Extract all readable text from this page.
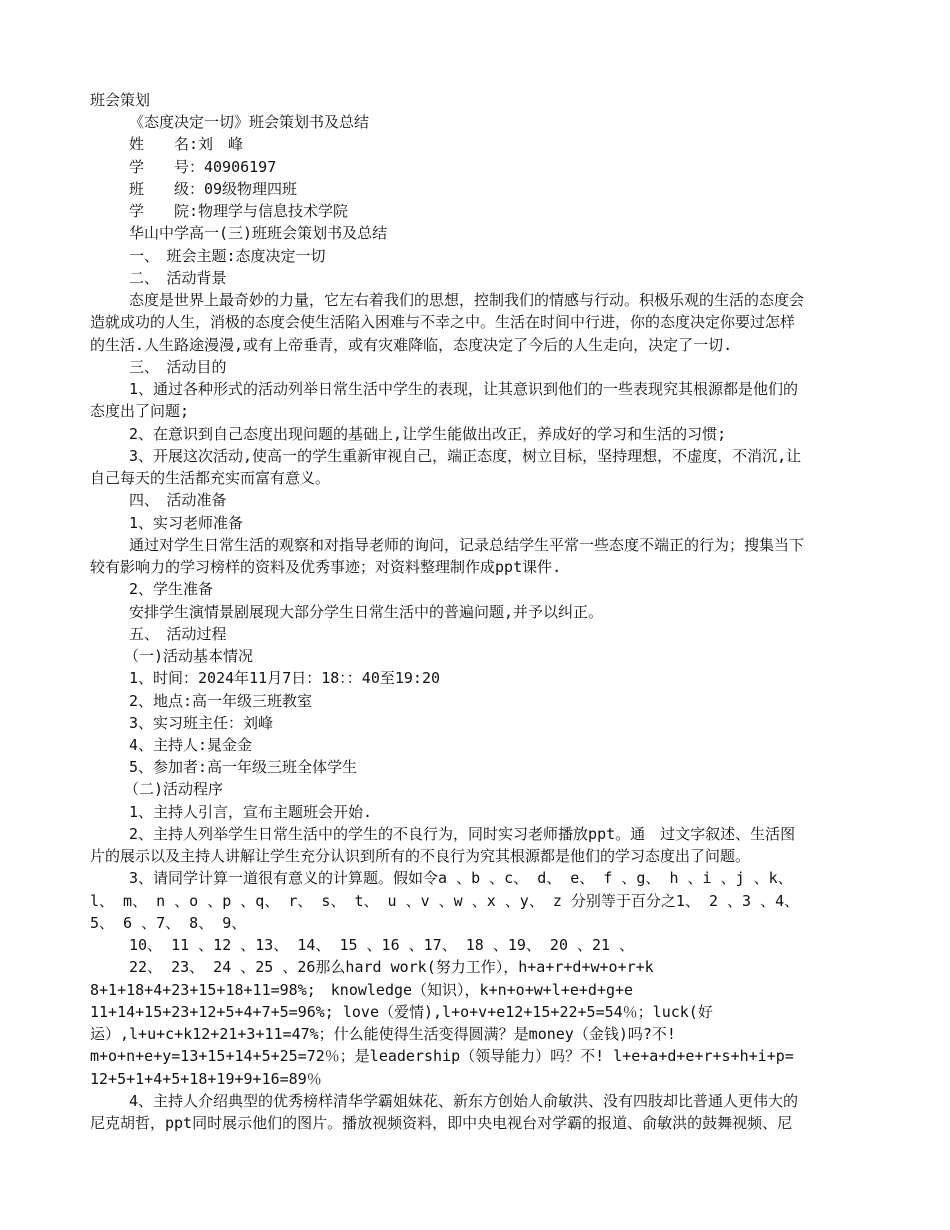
班会策划
《态度决定一切》班会策划书及总结
姓　　名:刘　峰
学　　号：40906197
班　　级：09级物理四班
学　　院:物理学与信息技术学院
华山中学高一(三)班班会策划书及总结
一、　班会主题:态度决定一切
二、　活动背景
态度是世界上最奇妙的力量，它左右着我们的思想，控制我们的情感与行动。积极乐观的生活的态度会
造就成功的人生，消极的态度会使生活陷入困难与不幸之中。生活在时间中行进，你的态度决定你要过怎样
的生活.人生路途漫漫,或有上帝垂青，或有灾难降临，态度决定了今后的人生走向，决定了一切.
三、　活动目的
1、通过各种形式的活动列举日常生活中学生的表现，让其意识到他们的一些表现究其根源都是他们的
态度出了问题;
2、在意识到自己态度出现问题的基础上,让学生能做出改正，养成好的学习和生活的习惯;
3、开展这次活动,使高一的学生重新审视自己，端正态度，树立目标，坚持理想，不虚度，不消沉,让
自己每天的生活都充实而富有意义。
四、　活动准备
1、实习老师准备
通过对学生日常生活的观察和对指导老师的询问，记录总结学生平常一些态度不端正的行为；搜集当下
较有影响力的学习榜样的资料及优秀事迹；对资料整理制作成ppt课件.
2、学生准备
安排学生演情景剧展现大部分学生日常生活中的普遍问题,并予以纠正。
五、　活动过程
（一)活动基本情况
1、时间：2024年11月7日：18：：40至19:20
2、地点:高一年级三班教室
3、实习班主任：刘峰
4、主持人:晁金金
5、参加者:高一年级三班全体学生
（二)活动程序
1、主持人引言，宣布主题班会开始.
2、主持人列举学生日常生活中的学生的不良行为，同时实习老师播放ppt。通　过文字叙述、生活图
片的展示以及主持人讲解让学生充分认识到所有的不良行为究其根源都是他们的学习态度出了问题。
3、请同学计算一道很有意义的计算题。假如令a 、b 、c、 d、 e、 f 、g、 h 、i 、j 、k、
l、 m、 n 、o 、p 、q、 r、 s、 t、 u 、v 、w 、x 、y、 z 分别等于百分之1、 2 、3 、4、
5、 6 、7、 8、 9、
10、 11 、12 、13、 14、 15 、16 、17、 18 、19、 20 、21 、
22、 23、 24 、25 、26那么hard work(努力工作），h+a+r+d+w+o+r+k
8+1+18+4+23+15+18+11=98%;　knowledge（知识），k+n+o+w+l+e+d+g+e
11+14+15+23+12+5+4+7+5=96%; love（爱情),l+o+v+e12+15+22+5=54％；luck(好
运）,l+u+c+k12+21+3+11=47%；什么能使得生活变得圆满？是money（金钱)吗?不!
m+o+n+e+y=13+15+14+5+25=72％；是leadership（领导能力）吗？不! l+e+a+d+e+r+s+h+i+p=
12+5+1+4+5+18+19+9+16=89％
4、主持人介绍典型的优秀榜样清华学霸姐妹花、新东方创始人俞敏洪、没有四肢却比普通人更伟大的
尼克胡哲，ppt同时展示他们的图片。播放视频资料，即中央电视台对学霸的报道、俞敏洪的鼓舞视频、尼
